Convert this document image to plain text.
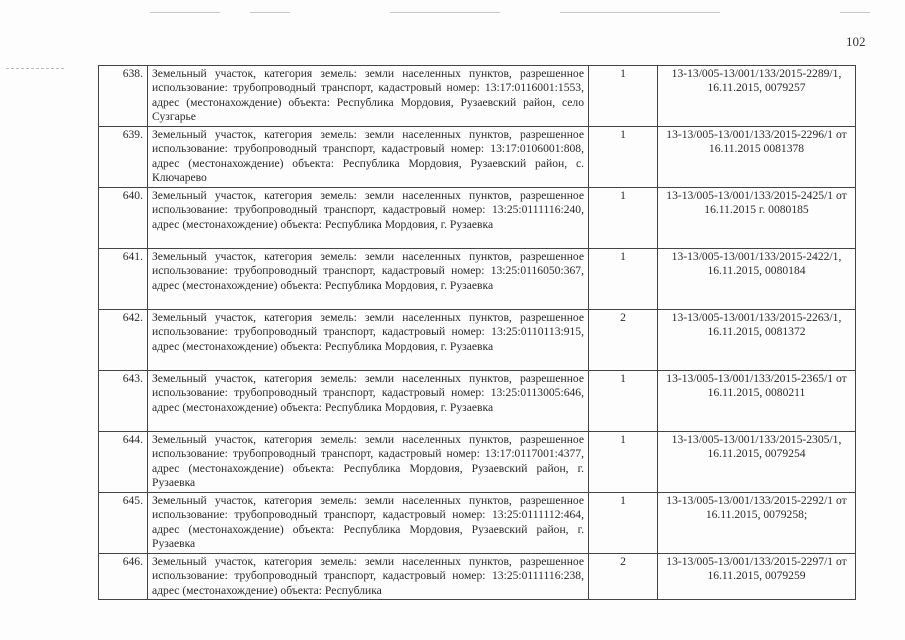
102
638.	Земельный участок, категория земель: земли населенных пунктов, разрешенное использование: трубопроводный транспорт, кадастровый номер: 13:17:0116001:1553, адрес (местонахождение) объекта: Республика Мордовия, Рузаевский район, село Сузгарье	1	13-13/005-13/001/133/2015-2289/1, 16.11.2015, 0079257
639.	Земельный участок, категория земель: земли населенных пунктов, разрешенное использование: трубопроводный транспорт, кадастровый номер: 13:17:0106001:808, адрес (местонахождение) объекта: Республика Мордовия, Рузаевский район, с. Ключарево	1	13-13/005-13/001/133/2015-2296/1 от 16.11.2015 0081378
640.	Земельный участок, категория земель: земли населенных пунктов, разрешенное использование: трубопроводный транспорт, кадастровый номер: 13:25:0111116:240, адрес (местонахождение) объекта: Республика Мордовия, г. Рузаевка	1	13-13/005-13/001/133/2015-2425/1 от 16.11.2015 г. 0080185
641.	Земельный участок, категория земель: земли населенных пунктов, разрешенное использование: трубопроводный транспорт, кадастровый номер: 13:25:0116050:367, адрес (местонахождение) объекта: Республика Мордовия, г. Рузаевка	1	13-13/005-13/001/133/2015-2422/1, 16.11.2015, 0080184
642.	Земельный участок, категория земель: земли населенных пунктов, разрешенное использование: трубопроводный транспорт, кадастровый номер: 13:25:0110113:915, адрес (местонахождение) объекта: Республика Мордовия, г. Рузаевка	2	13-13/005-13/001/133/2015-2263/1, 16.11.2015, 0081372
643.	Земельный участок, категория земель: земли населенных пунктов, разрешенное использование: трубопроводный транспорт, кадастровый номер: 13:25:0113005:646, адрес (местонахождение) объекта: Республика Мордовия, г. Рузаевка	1	13-13/005-13/001/133/2015-2365/1 от 16.11.2015, 0080211
644.	Земельный участок, категория земель: земли населенных пунктов, разрешенное использование: трубопроводный транспорт, кадастровый номер: 13:17:0117001:4377, адрес (местонахождение) объекта: Республика Мордовия, Рузаевский район, г. Рузаевка	1	13-13/005-13/001/133/2015-2305/1, 16.11.2015, 0079254
645.	Земельный участок, категория земель: земли населенных пунктов, разрешенное использование: трубопроводный транспорт, кадастровый номер: 13:25:0111112:464, адрес (местонахождение) объекта: Республика Мордовия, Рузаевский район, г. Рузаевка	1	13-13/005-13/001/133/2015-2292/1 от 16.11.2015, 0079258;
646.	Земельный участок, категория земель: земли населенных пунктов, разрешенное использование: трубопроводный транспорт, кадастровый номер: 13:25:0111116:238, адрес (местонахождение) объекта: Республика	2	13-13/005-13/001/133/2015-2297/1 от 16.11.2015, 0079259
